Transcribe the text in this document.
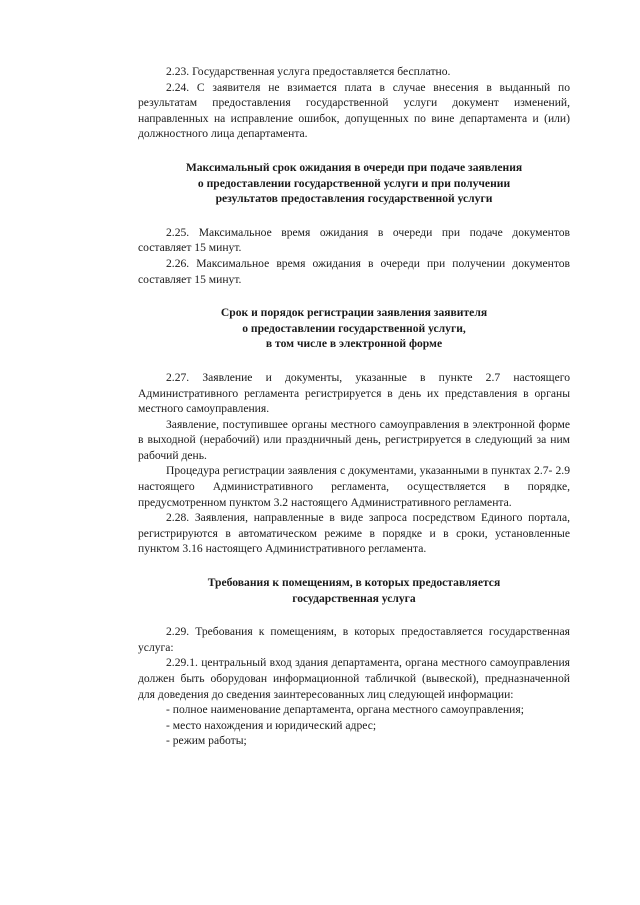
2.23. Государственная услуга предоставляется бесплатно.

2.24. С заявителя не взимается плата в случае внесения в выданный по результатам предоставления государственной услуги документ изменений, направленных на исправление ошибок, допущенных по вине департамента и (или) должностного лица департамента.

Максимальный срок ожидания в очереди при подаче заявления
о предоставлении государственной услуги и при получении
результатов предоставления государственной услуги

2.25. Максимальное время ожидания в очереди при подаче документов составляет 15 минут.

2.26. Максимальное время ожидания в очереди при получении документов составляет 15 минут.

Срок и порядок регистрации заявления заявителя
о предоставлении государственной услуги,
в том числе в электронной форме

2.27. Заявление и документы, указанные в пункте 2.7 настоящего Административного регламента регистрируется в день их представления в органы местного самоуправления.

Заявление, поступившее органы местного самоуправления в электронной форме в выходной (нерабочий) или праздничный день, регистрируется в следующий за ним рабочий день.

Процедура регистрации заявления с документами, указанными в пунктах 2.7- 2.9 настоящего Административного регламента, осуществляется в порядке, предусмотренном пунктом 3.2 настоящего Административного регламента.

2.28. Заявления, направленные в виде запроса посредством Единого портала, регистрируются в автоматическом режиме в порядке и в сроки, установленные пунктом 3.16 настоящего Административного регламента.

Требования к помещениям, в которых предоставляется
государственная услуга

2.29. Требования к помещениям, в которых предоставляется государственная услуга:

2.29.1. центральный вход здания департамента, органа местного самоуправления должен быть оборудован информационной табличкой (вывеской), предназначенной для доведения до сведения заинтересованных лиц следующей информации:

- полное наименование департамента, органа местного самоуправления;

- место нахождения и юридический адрес;

- режим работы;
